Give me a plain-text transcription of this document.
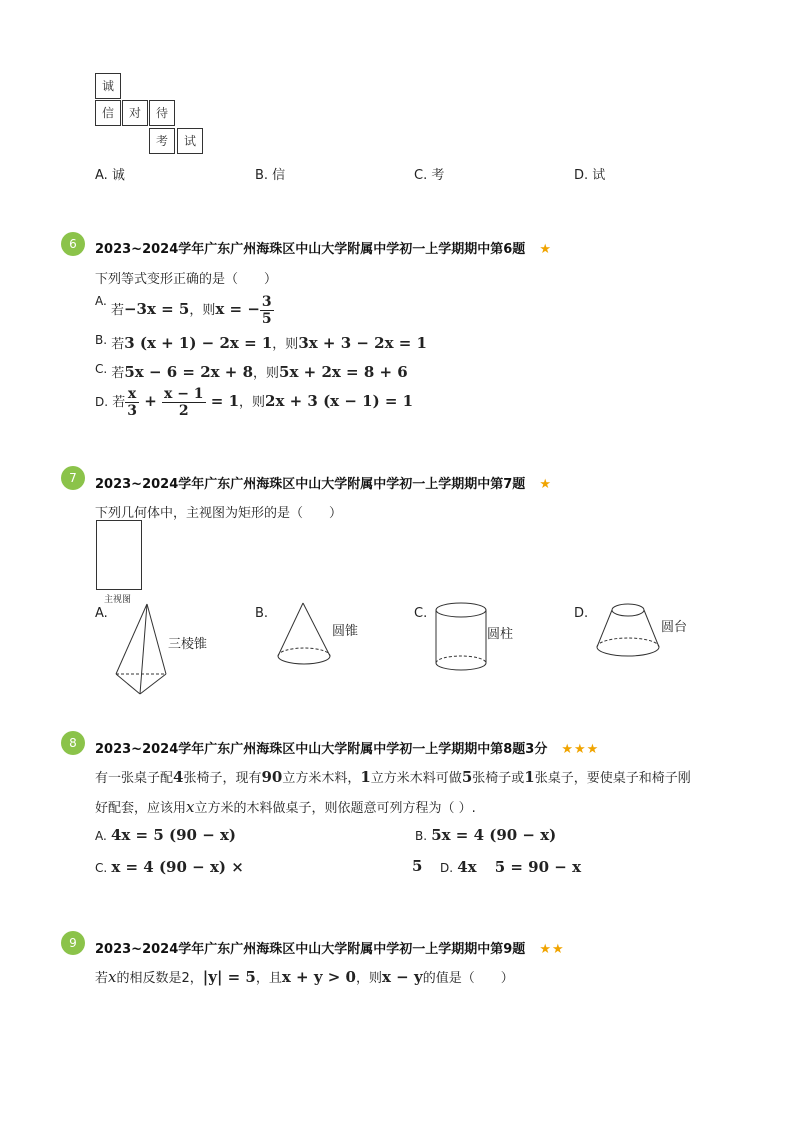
诚
信	对	待
考	试
A. 诚	B. 信	C. 考	D. 试
6	2023~2024学年广东广州海珠区中山大学附属中学初一上学期期中第6题 ★
下列等式变形正确的是（　　）
A. 若−3x = 5，则x = − $\frac{3}{5}$
B. 若3 (x + 1) − 2x = 1，则3x + 3 − 2x = 1
C. 若5x − 6 = 2x + 8，则5x + 2x = 8 + 6
D. 若 $\frac{x}{3} + \frac{x - 1}{2} = 1$，则2x + 3 (x − 1) = 1
7	2023~2024学年广东广州海珠区中山大学附属中学初一上学期期中第7题 ★
下列几何体中，主视图为矩形的是（　　）
主视图
A.	B.	C.	D.
三棱锥
圆锥	圆柱	圆台
8	2023~2024学年广东广州海珠区中山大学附属中学初一上学期期中第8题3分 ★★★
有一张桌子配4张椅子，现有90立方米木料，1立方米木料可做5张椅子或1张桌子，要使桌子和椅子刚
好配套，应该用x立方米的木料做桌子，则依题意可列方程为（ ）.
A. 4x = 5 (90 − x)	B. 5x = 4 (90 − x)
C. x = 4 (90 − x) ×	5 D. 4x 5 = 90 − x
9	2023~2024学年广东广州海珠区中山大学附属中学初一上学期期中第9题 ★★
若x的相反数是2，|y| = 5，且x + y > 0，则x − y的值是（　　）
